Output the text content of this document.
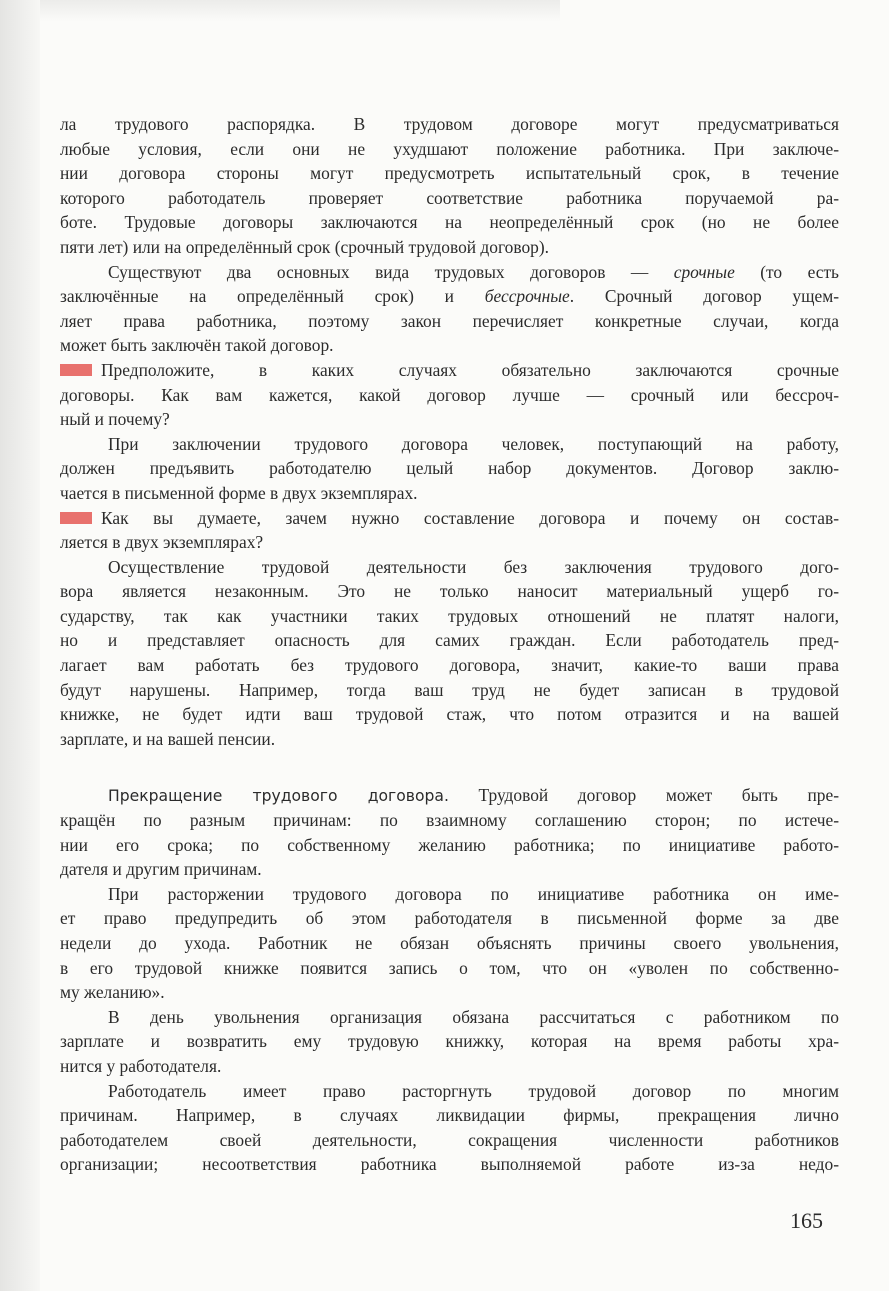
ла трудового распорядка. В трудовом договоре могут предусматриваться
любые условия, если они не ухудшают положение работника. При заключе-
нии договора стороны могут предусмотреть испытательный срок, в течение
которого работодатель проверяет соответствие работника поручаемой ра-
боте. Трудовые договоры заключаются на неопределённый срок (но не более
пяти лет) или на определённый срок (срочный трудовой договор).
Существуют два основных вида трудовых договоров — срочные (то есть
заключённые на определённый срок) и бессрочные. Срочный договор ущем-
ляет права работника, поэтому закон перечисляет конкретные случаи, когда
может быть заключён такой договор.
Предположите, в каких случаях обязательно заключаются срочные
договоры. Как вам кажется, какой договор лучше — срочный или бессроч-
ный и почему?
При заключении трудового договора человек, поступающий на работу,
должен предъявить работодателю целый набор документов. Договор заклю-
чается в письменной форме в двух экземплярах.
Как вы думаете, зачем нужно составление договора и почему он состав-
ляется в двух экземплярах?
Осуществление трудовой деятельности без заключения трудового дого-
вора является незаконным. Это не только наносит материальный ущерб го-
сударству, так как участники таких трудовых отношений не платят налоги,
но и представляет опасность для самих граждан. Если работодатель пред-
лагает вам работать без трудового договора, значит, какие-то ваши права
будут нарушены. Например, тогда ваш труд не будет записан в трудовой
книжке, не будет идти ваш трудовой стаж, что потом отразится и на вашей
зарплате, и на вашей пенсии.
Прекращение трудового договора. Трудовой договор может быть пре-
кращён по разным причинам: по взаимному соглашению сторон; по истече-
нии его срока; по собственному желанию работника; по инициативе работо-
дателя и другим причинам.
При расторжении трудового договора по инициативе работника он име-
ет право предупредить об этом работодателя в письменной форме за две
недели до ухода. Работник не обязан объяснять причины своего увольнения,
в его трудовой книжке появится запись о том, что он «уволен по собственно-
му желанию».
В день увольнения организация обязана рассчитаться с работником по
зарплате и возвратить ему трудовую книжку, которая на время работы хра-
нится у работодателя.
Работодатель имеет право расторгнуть трудовой договор по многим
причинам. Например, в случаях ликвидации фирмы, прекращения лично
работодателем своей деятельности, сокращения численности работников
организации; несоответствия работника выполняемой работе из-за недо-
165
